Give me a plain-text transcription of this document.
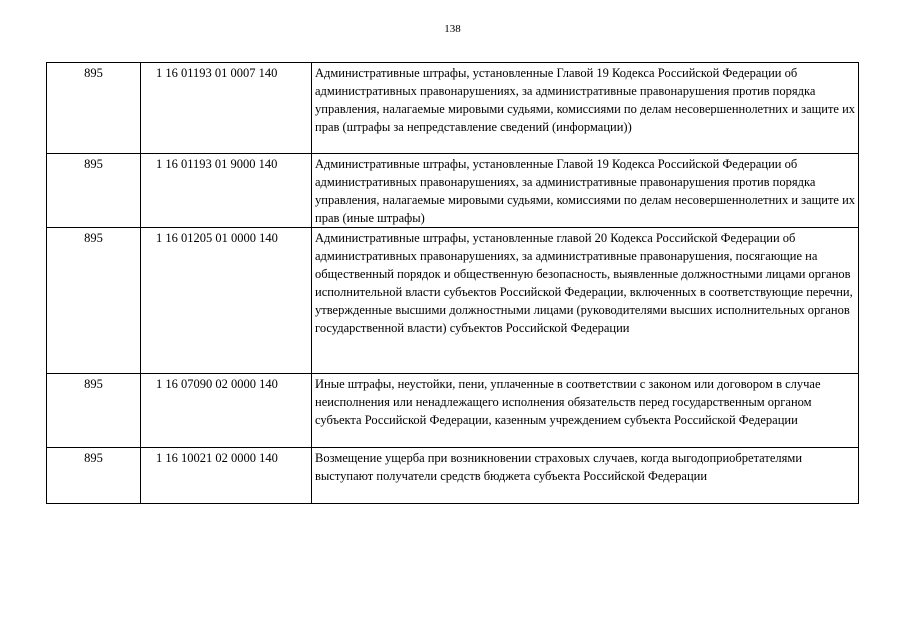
138
895	1 16 01193 01 0007 140	Административные штрафы, установленные Главой 19 Кодекса Российской Федерации об административных правонарушениях, за административные правонарушения против порядка управления, налагаемые мировыми судьями, комиссиями по делам несовершеннолетних и защите их прав (штрафы за непредставление сведений (информации))
895	1 16 01193 01 9000 140	Административные штрафы, установленные Главой 19 Кодекса Российской Федерации об административных правонарушениях, за административные правонарушения против порядка управления, налагаемые мировыми судьями, комиссиями по делам несовершеннолетних и защите их прав (иные штрафы)
895	1 16 01205 01 0000 140	Административные штрафы, установленные главой 20 Кодекса Российской Федерации об административных правонарушениях, за административные правонарушения, посягающие на общественный порядок и общественную безопасность, выявленные должностными лицами органов исполнительной власти субъектов Российской Федерации, включенных в соответствующие перечни, утвержденные высшими должностными лицами (руководителями высших исполнительных органов государственной власти) субъектов Российской Федерации
895	1 16 07090 02 0000 140	Иные штрафы, неустойки, пени, уплаченные в соответствии с законом или договором в случае неисполнения или ненадлежащего исполнения обязательств перед государственным органом субъекта Российской Федерации, казенным учреждением субъекта Российской Федерации
895	1 16 10021 02 0000 140	Возмещение ущерба при возникновении страховых случаев, когда выгодоприобретателями выступают получатели средств бюджета субъекта Российской Федерации
